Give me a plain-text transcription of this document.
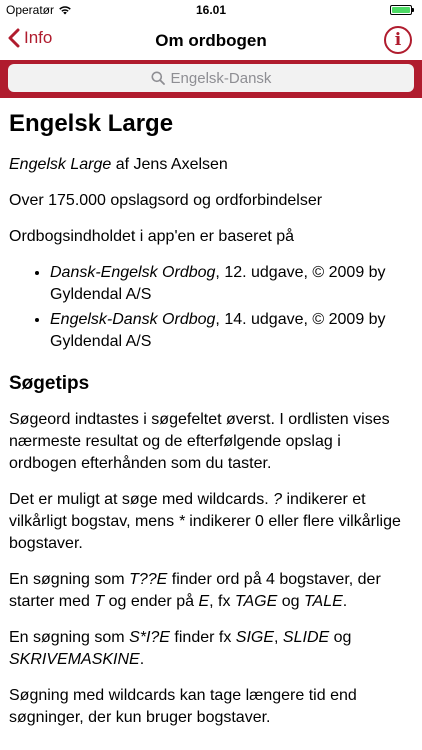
Operatør	16.01
Info	Om ordbogen	i
Engelsk-Dansk
Engelsk Large

Engelsk Large af Jens Axelsen

Over 175.000 opslagsord og ordforbindelser

Ordbogsindholdet i app'en er baseret på

• Dansk-Engelsk Ordbog, 12. udgave, © 2009 by Gyldendal A/S
• Engelsk-Dansk Ordbog, 14. udgave, © 2009 by Gyldendal A/S
Søgetips

Søgeord indtastes i søgefeltet øverst. I ordlisten vises nærmeste resultat og de efterfølgende opslag i ordbogen efterhånden som du taster.

Det er muligt at søge med wildcards. ? indikerer et vilkårligt bogstav, mens * indikerer 0 eller flere vilkårlige bogstaver.

En søgning som T??E finder ord på 4 bogstaver, der starter med T og ender på E, fx TAGE og TALE.

En søgning som S*I?E finder fx SIGE, SLIDE og SKRIVEMASKINE.

Søgning med wildcards kan tage længere tid end søgninger, der kun bruger bogstaver.
